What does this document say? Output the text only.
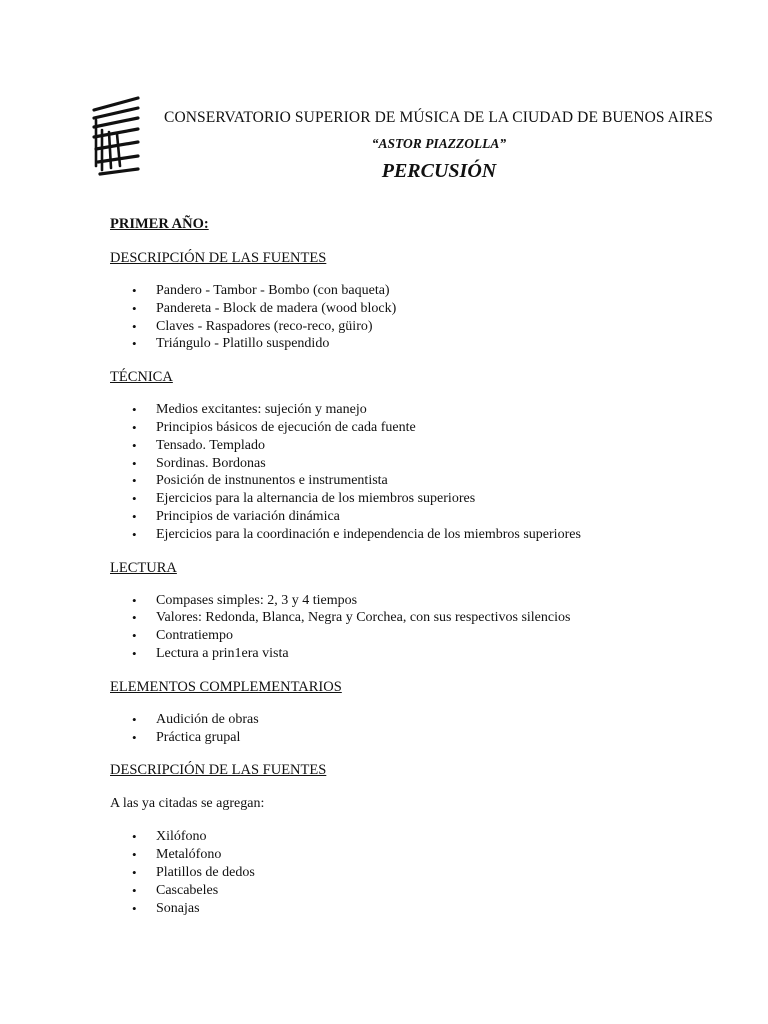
CONSERVATORIO SUPERIOR DE MÚSICA DE LA CIUDAD DE BUENOS AIRES
“ASTOR PIAZZOLLA”
PERCUSIÓN
PRIMER AÑO:
DESCRIPCIÓN DE LAS FUENTES
• Pandero - Tambor - Bombo (con baqueta)
• Pandereta - Block de madera (wood block)
• Claves - Raspadores (reco-reco, güiro)
• Triángulo - Platillo suspendido
TÉCNICA
• Medios excitantes: sujeción y manejo
• Principios básicos de ejecución de cada fuente
• Tensado. Templado
• Sordinas. Bordonas
• Posición de instnunentos e instrumentista
• Ejercicios para la alternancia de los miembros superiores
• Principios de variación dinámica
• Ejercicios para la coordinación e independencia de los miembros superiores
LECTURA
• Compases simples: 2, 3 y 4 tiempos
• Valores: Redonda, Blanca, Negra y Corchea, con sus respectivos silencios
• Contratiempo
• Lectura a prin1era vista
ELEMENTOS COMPLEMENTARIOS
• Audición de obras
• Práctica grupal
DESCRIPCIÓN DE LAS FUENTES
A las ya citadas se agregan:
• Xilófono
• Metalófono
• Platillos de dedos
• Cascabeles
• Sonajas
